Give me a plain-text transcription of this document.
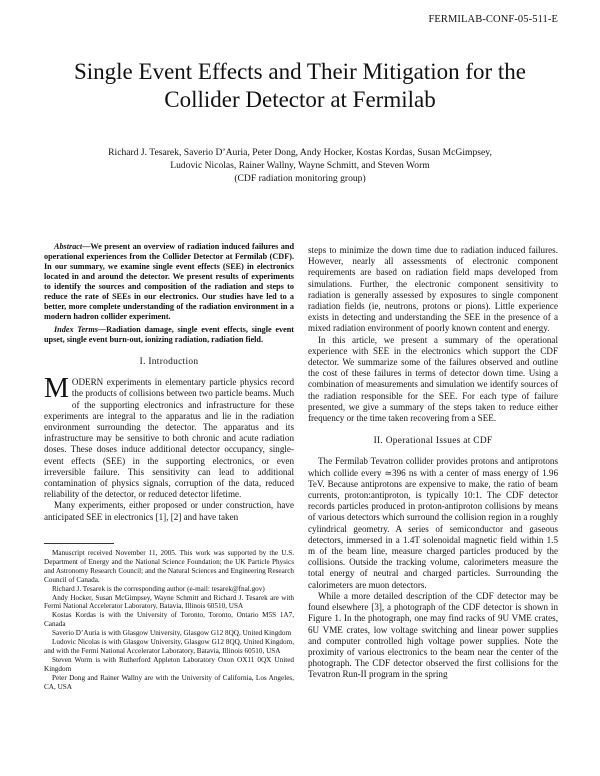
FERMILAB-CONF-05-511-E
Single Event Effects and Their Mitigation for the
Collider Detector at Fermilab
Richard J. Tesarek, Saverio D’Auria, Peter Dong, Andy Hocker, Kostas Kordas, Susan McGimpsey,
Ludovic Nicolas, Rainer Wallny, Wayne Schmitt, and Steven Worm
(CDF radiation monitoring group)

Abstract—We present an overview of radiation induced failures and operational experiences from the Collider Detector at Fermilab (CDF). In our summary, we examine single event effects (SEE) in electronics located in and around the detector. We present results of experiments to identify the sources and composition of the radiation and steps to reduce the rate of SEEs in our electronics. Our studies have led to a better, more complete understanding of the radiation environment in a modern hadron collider experiment.

Index Terms—Radiation damage, single event effects, single event upset, single event burn-out, ionizing radiation, radiation field.

I. Introduction

MODERN experiments in elementary particle physics record the products of collisions between two particle beams. Much of the supporting electronics and infrastructure for these experiments are integral to the apparatus and lie in the radiation environment surrounding the detector. The apparatus and its infrastructure may be sensitive to both chronic and acute radiation doses. These doses induce additional detector occupancy, single-event effects (SEE) in the supporting electronics, or even irreversible failure. This sensitivity can lead to additional contamination of physics signals, corruption of the data, reduced reliability of the detector, or reduced detector lifetime.

Many experiments, either proposed or under construction, have anticipated SEE in electronics [1], [2] and have taken

Manuscript received November 11, 2005. This work was supported by the U.S. Department of Energy and the National Science Foundation; the UK Particle Physics and Astronomy Research Council; and the Natural Sciences and Engineering Research Council of Canada.

Richard J. Tesarek is the corresponding author (e-mail: tesarek@fnal.gov)

Andy Hocker, Susan McGimpsey, Wayne Schmitt and Richard J. Tesarek are with Fermi National Accelerator Laboratory, Batavia, Illinois 60510, USA

Kostas Kordas is with the University of Toronto, Toronto, Ontario M5S 1A7, Canada

Saverio D’Auria is with Glasgow University, Glasgow G12 8QQ, United Kingdom

Ludovic Nicolas is with Glasgow University, Glasgow G12 8QQ, United Kingdom, and with the Fermi National Accelerator Laboratory, Batavia, Illinois 60510, USA

Steven Worm is with Rutherford Appleton Laboratory Oxon OX11 0QX United Kingdom

Peter Dong and Rainer Wallny are with the University of California, Los Angeles, CA, USA

steps to minimize the down time due to radiation induced failures. However, nearly all assessments of electronic component requirements are based on radiation field maps developed from simulations. Further, the electronic component sensitivity to radiation is generally assessed by exposures to single component radiation fields (ie, neutrons, protons or pions). Little experience exists in detecting and understanding the SEE in the presence of a mixed radiation environment of poorly known content and energy.

In this article, we present a summary of the operational experience with SEE in the electronics which support the CDF detector. We summarize some of the failures observed and outline the cost of these failures in terms of detector down time. Using a combination of measurements and simulation we identify sources of the radiation responsible for the SEE. For each type of failure presented, we give a summary of the steps taken to reduce either frequency or the time taken recovering from a SEE.

II. Operational Issues at CDF

The Fermilab Tevatron collider provides protons and antiprotons which collide every ≃396 ns with a center of mass energy of 1.96 TeV. Because antiprotons are expensive to make, the ratio of beam currents, proton:antiproton, is typically 10:1. The CDF detector records particles produced in proton-antiproton collisions by means of various detectors which surround the collision region in a roughly cylindrical geometry. A series of semiconductor and gaseous detectors, immersed in a 1.4T solenoidal magnetic field within 1.5 m of the beam line, measure charged particles produced by the collisions. Outside the tracking volume, calorimeters measure the total energy of neutral and charged particles. Surrounding the calorimeters are muon detectors.

While a more detailed description of the CDF detector may be found elsewhere [3], a photograph of the CDF detector is shown in Figure 1. In the photograph, one may find racks of 9U VME crates, 6U VME crates, low voltage switching and linear power supplies and computer controlled high voltage power supplies. Note the proximity of various electronics to the beam near the center of the photograph. The CDF detector observed the first collisions for the Tevatron Run-II program in the spring
